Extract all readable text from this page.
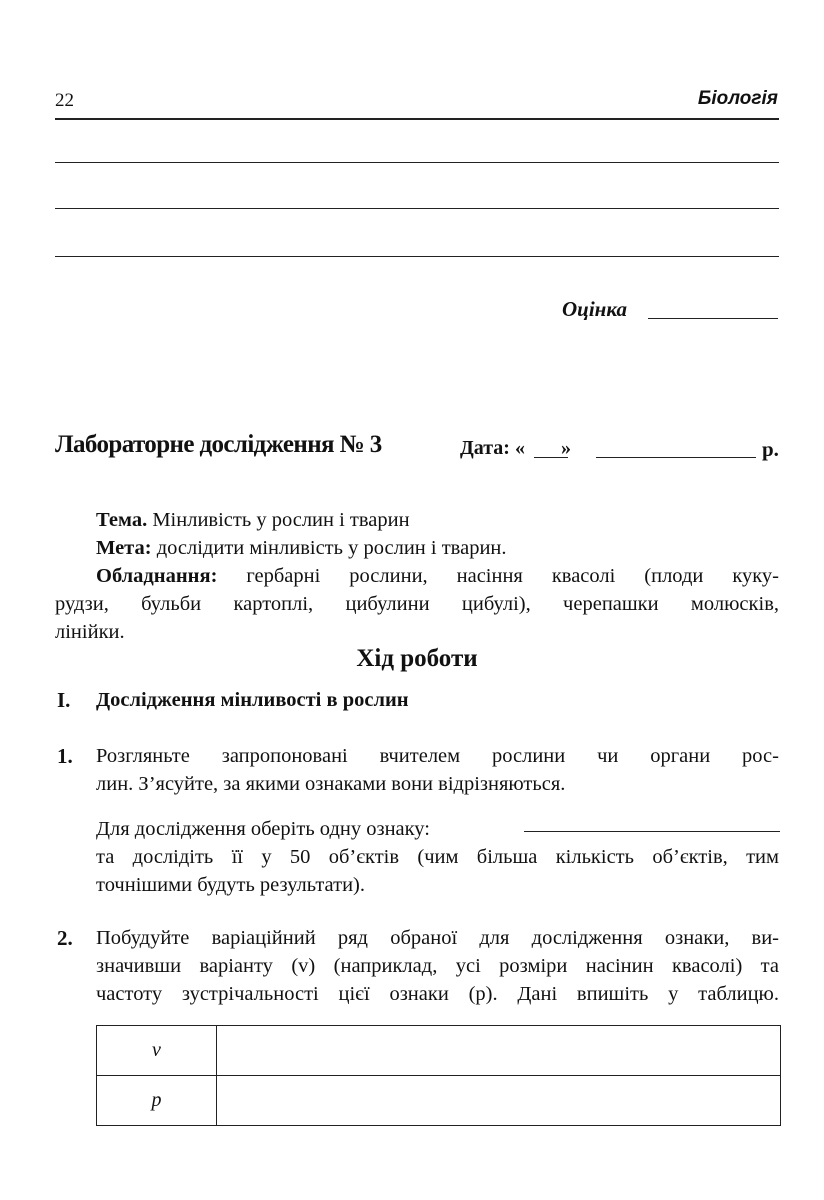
22	Біологія
Оцінка
Лабораторне дослідження № 3	Дата: « »	р.
Тема. Мінливість у рослин і тварин
Мета: дослідити мінливість у рослин і тварин.
Обладнання: гербарні рослини, насіння квасолі (плоди куку-
рудзи, бульби картоплі, цибулини цибулі), черепашки молюсків,
лінійки.
Хід роботи
I. Дослідження мінливості в рослин
1. Розгляньте запропоновані вчителем рослини чи органи рос-
лин. З’ясуйте, за якими ознаками вони відрізняються.
Для дослідження оберіть одну ознаку:
та дослідіть її у 50 об’єктів (чим більша кількість об’єктів, тим
точнішими будуть результати).
2. Побудуйте варіаційний ряд обраної для дослідження ознаки, ви-
значивши варіанту (v) (наприклад, усі розміри насінин квасолі) та
частоту зустрічальності цієї ознаки (p). Дані впишіть у таблицю.
v	
p	
